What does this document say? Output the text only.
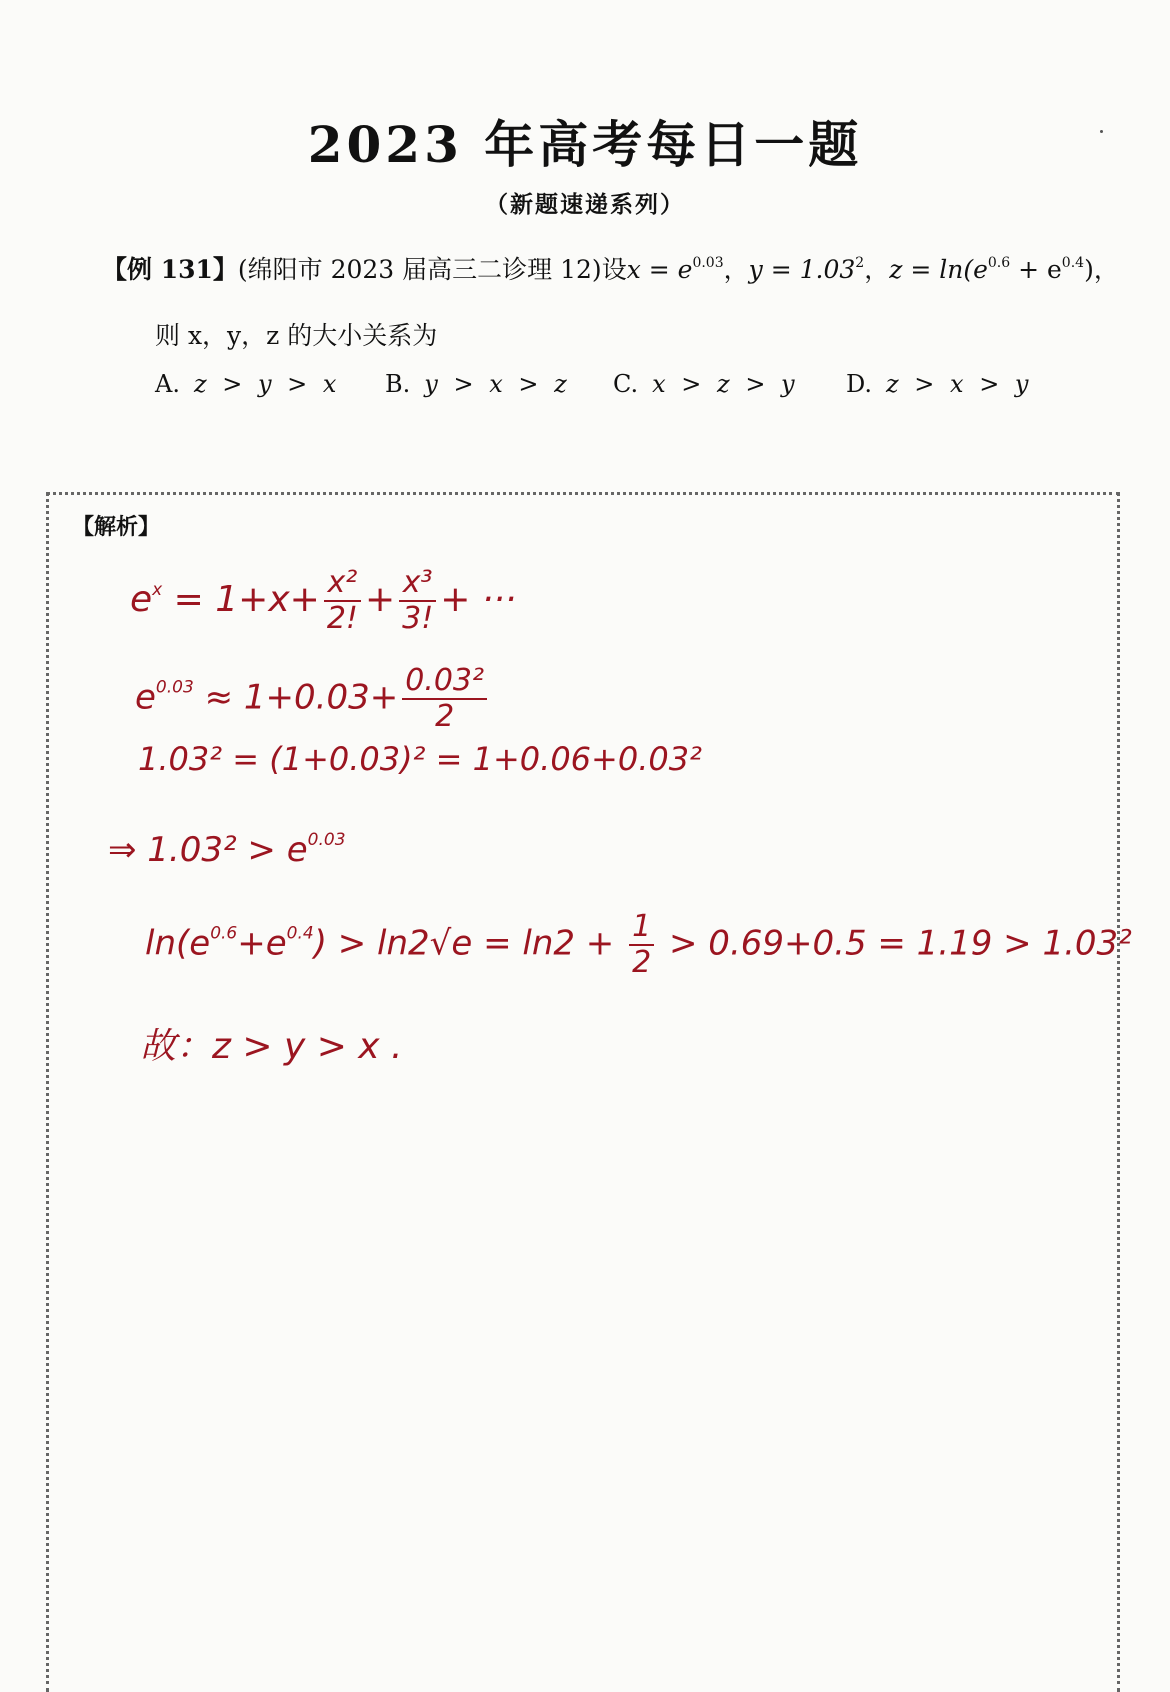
2023 年高考每日一题
（新题速递系列）
【例 131】(绵阳市 2023 届高三二诊理 12)设$x = e^{0.03}$，$y = 1.03^2$，$z = \ln(e^{0.6} + e^{0.4})$，
则 x，y，z 的大小关系为
A. z > y > x B. y > x > z C. x > z > y D. z > x > y
【解析】
$e^x = 1+x+ \frac{\text{x²}}{2!} + \frac{\text{x³}}{3!}$ + ···
$e^{0.03} \approx 1+0.03+ \frac{\text{0.03²}}{2}$
1.03² = (1+0.03)² = 1+0.06+0.03²
⇒ $1.03^2 > e^{0.03}$
$\ln(e^{0.6}+e^{0.4}) > \ln 2√e = \ln 2 + \frac{1}{2} > 0.69+0.5 = 1.19 > 1.03^2$
故：z > y > x .
